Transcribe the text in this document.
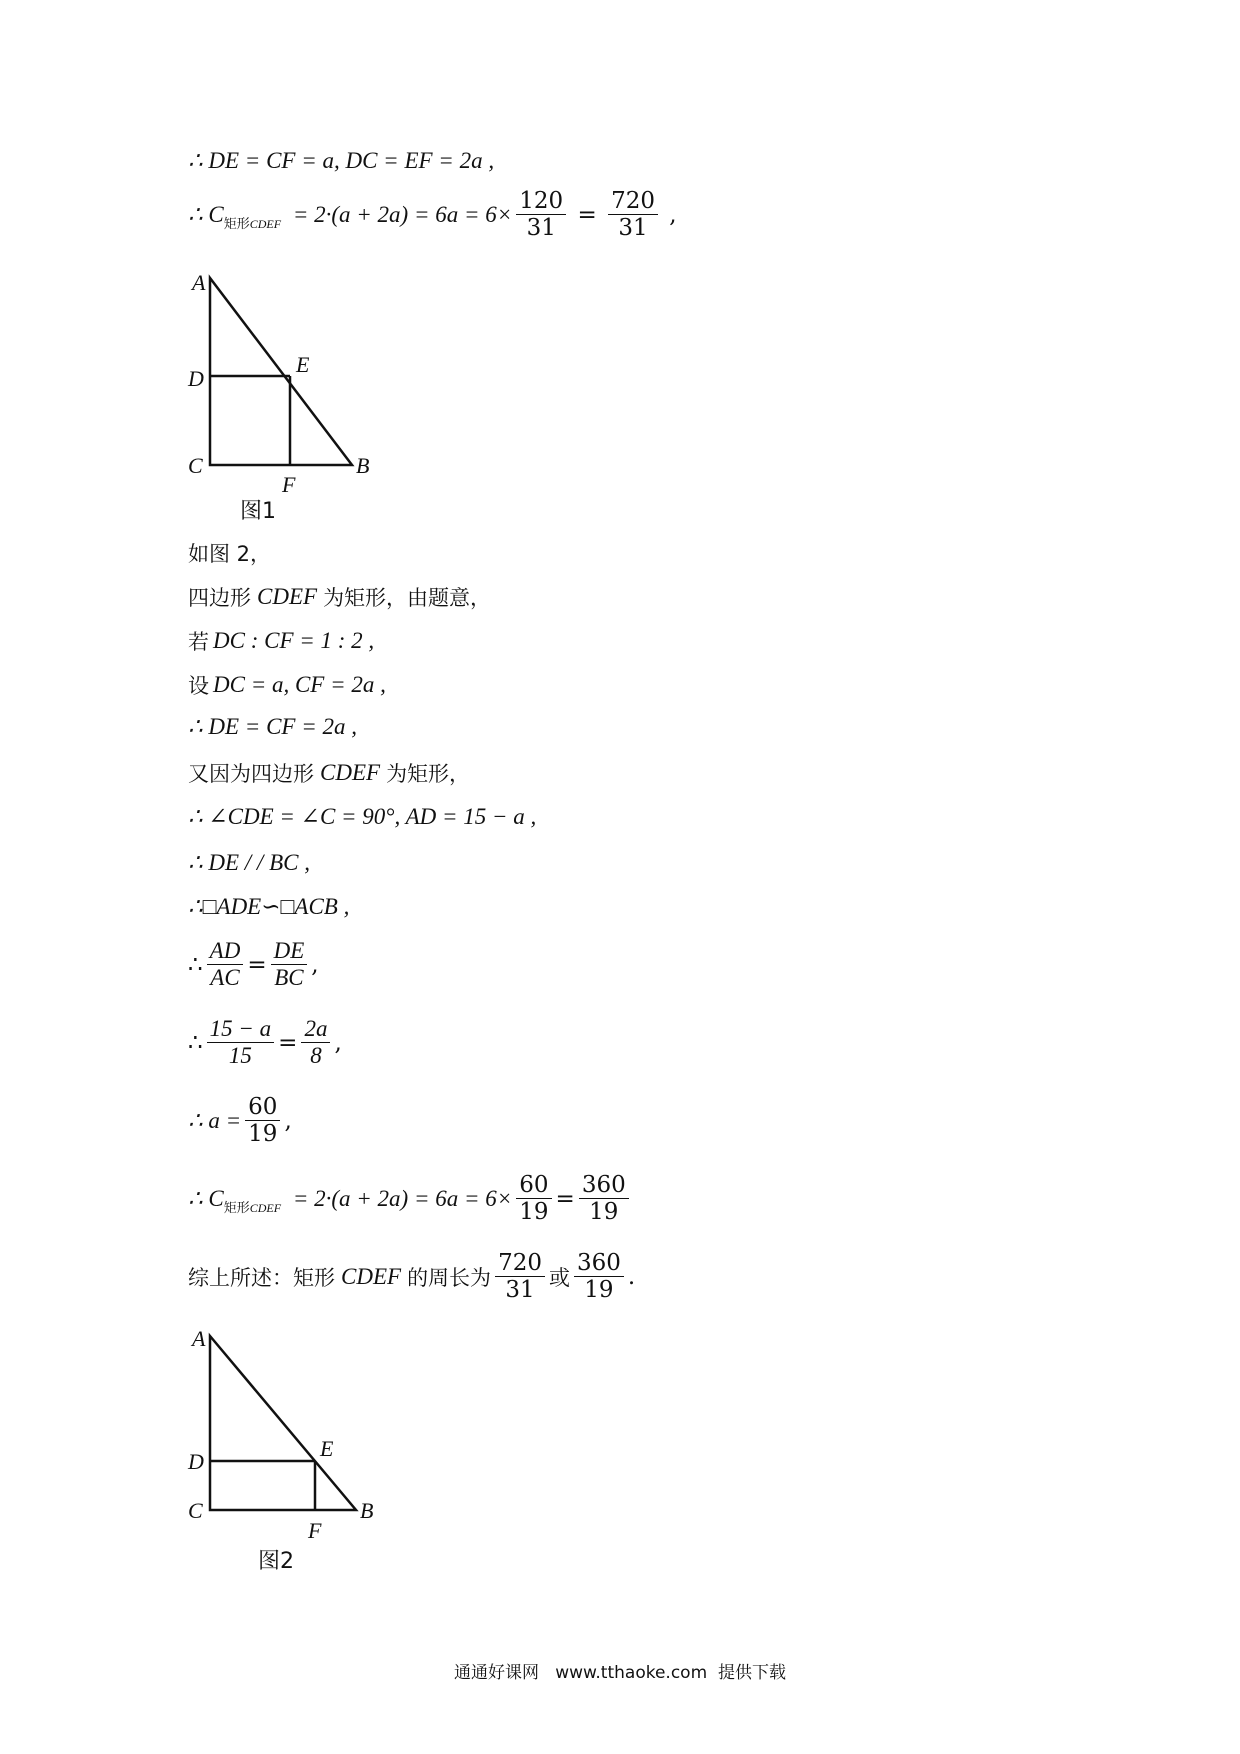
∴ DE = CF = a, DC = EF = 2a ,
∴ C 矩形CDEF = $2\cdot(a + 2a) = 6a = 6\times \frac{120}{31} = \frac{720}{31}$ ,
A
D
E
C
F
B
图1
如图 2，
四边形 CDEF 为矩形，由题意，
若 DC : CF = 1 : 2 ,
设 DC = a, CF = 2a ,
∴ DE = CF = 2a ,
又因为四边形 CDEF 为矩形，
∴ ∠CDE = ∠C = 90°, AD = 15 − a ,
∴ DE / / BC ,
∴□ADE∽□ACB ,
∴ $\frac{AD}{AC} = \frac{DE}{BC}$ ,
∴ $\frac{15 - a}{15} = \frac{2a}{8}$ ,
∴ $a = \frac{60}{19}$ ,
∴ C 矩形CDEF = $2\cdot(a + 2a) = 6a = 6\times \frac{60}{19} = \frac{360}{19}$
综上所述：矩形 CDEF 的周长为 $\frac{720}{31}$ 或 $\frac{360}{19}$ .
A
D
E
C
F
B
图2
通通好课网   www.tthaoke.com  提供下载
